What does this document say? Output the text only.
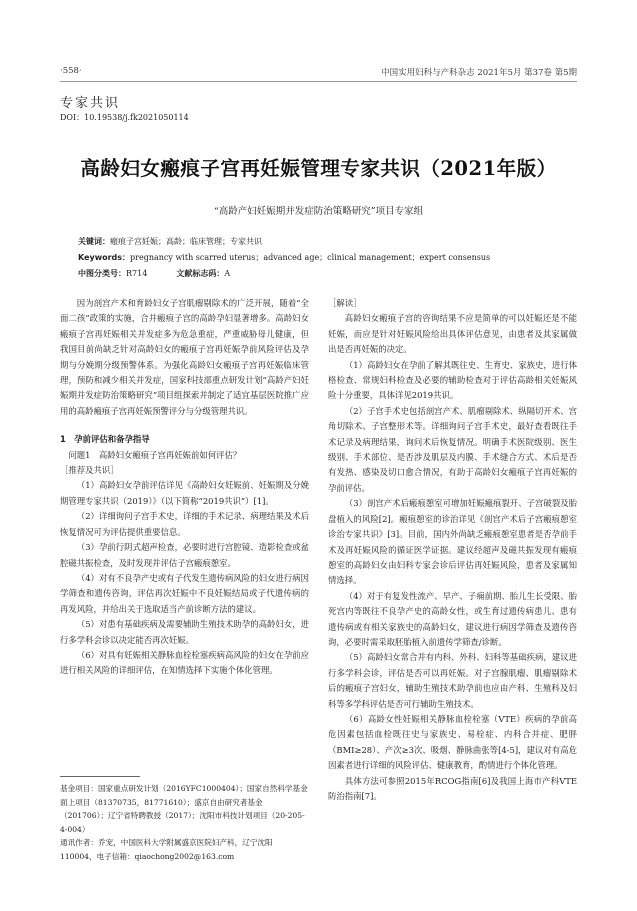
·558·	中国实用妇科与产科杂志 2021年5月 第37卷 第5期
专家共识
DOI：10.19538/j.fk2021050114
高龄妇女瘢痕子宫再妊娠管理专家共识（2021年版）
“高龄产妇妊娠期并发症防治策略研究”项目专家组
关键词：瘢痕子宫妊娠；高龄；临床管理；专家共识
Keywords：pregnancy with scarred uterus；advanced age；clinical management；expert consensus
中图分类号：R714	文献标志码：A

因为剖宫产术和育龄妇女子宫肌瘤剔除术的广泛开展，随着“全面二孩”政策的实施，合并瘢痕子宫的高龄孕妇显著增多。高龄妇女瘢痕子宫再妊娠相关并发症多为危急重症，严重威胁母儿健康，但我国目前尚缺乏针对高龄妇女的瘢痕子宫再妊娠孕前风险评估及孕期与分娩期分级预警体系。为强化高龄妇女瘢痕子宫再妊娠临床管理，预防和减少相关并发症，国家科技部重点研发计划“高龄产妇妊娠期并发症防治策略研究”项目组探索并制定了适宜基层医院推广应用的高龄瘢痕子宫再妊娠预警评分与分级管理共识。

1　孕前评估和备孕指导

问题1　高龄妇女瘢痕子宫再妊娠前如何评估？

［推荐及共识］

（1）高龄妇女孕前评估详见《高龄妇女妊娠前、妊娠期及分娩期管理专家共识（2019）》（以下简称“2019共识”）[1]。

（2）详细询问子宫手术史，详细的手术记录、病理结果及术后恢复情况可为评估提供重要信息。

（3）孕前行阴式超声检查，必要时进行宫腔镜、造影检查或盆腔磁共振检查，及时发现并评估子宫瘢痕憩室。

（4）对有不良孕产史或有子代发生遗传病风险的妇女进行病因学筛查和遗传咨询，评估再次妊娠中不良妊娠结局或子代遗传病的再发风险，并给出关于选取适当产前诊断方法的建议。

（5）对患有基础疾病及需要辅助生殖技术助孕的高龄妇女，进行多学科会诊以决定能否再次妊娠。

（6）对具有妊娠相关静脉血栓栓塞疾病高风险的妇女在孕前应进行相关风险的详细评估，在知情选择下实施个体化管理。

基金项目：国家重点研发计划（2016YFC1000404）；国家自然科学基金面上项目（81370735，81771610）；盛京自由研究者基金（201706）；辽宁省特聘教授（2017）；沈阳市科技计划项目（20-205-4-004）
通讯作者：乔宠，中国医科大学附属盛京医院妇产科，辽宁沈阳 110004，电子信箱：qiaochong2002@163.com

［解读］

高龄妇女瘢痕子宫的咨询结果不应是简单的可以妊娠还是不能妊娠，而应是针对妊娠风险给出具体评估意见，由患者及其家属做出是否再妊娠的决定。

（1）高龄妇女在孕前了解其既往史、生育史、家族史，进行体格检查、常规妇科检查及必要的辅助检查对于评估高龄相关妊娠风险十分重要，具体详见2019共识。

（2）子宫手术史包括剖宫产术、肌瘤剔除术、纵隔切开术、宫角切除术、子宫整形术等。详细询问子宫手术史，最好查看既往手术记录及病理结果，询问术后恢复情况。明确手术医院级别、医生级别、手术部位、是否涉及肌层及内膜、手术缝合方式、术后是否有发热、感染及切口愈合情况，有助于高龄妇女瘢痕子宫再妊娠的孕前评估。

（3）剖宫产术后瘢痕憩室可增加妊娠瘢痕裂开、子宫破裂及胎盘植入的风险[2]。瘢痕憩室的诊治详见《剖宫产术后子宫瘢痕憩室诊治专家共识》[3]。目前，国内外尚缺乏瘢痕憩室患者是否孕前手术及再妊娠风险的循证医学证据。建议经超声及磁共振发现有瘢痕憩室的高龄妇女由妇科专家会诊后评估再妊娠风险，患者及家属知情选择。

（4）对于有复发性流产、早产、子痫前期、胎儿生长受限、胎死宫内等既往不良孕产史的高龄女性，或生育过遗传病患儿、患有遗传病或有相关家族史的高龄妇女，建议进行病因学筛查及遗传咨询，必要时需采取胚胎植入前遗传学筛查/诊断。

（5）高龄妇女常合并有内科、外科、妇科等基础疾病，建议进行多学科会诊，评估是否可以再妊娠。对子宫腺肌瘤、肌瘤剔除术后的瘢痕子宫妇女，辅助生殖技术助孕前也应由产科、生殖科及妇科等多学科评估是否可行辅助生殖技术。

（6）高龄女性妊娠相关静脉血栓栓塞（VTE）疾病的孕前高危因素包括血栓既往史与家族史、易栓症、内科合并症、肥胖（BMI≥28）、产次≥3次、吸烟、静脉曲张等[4-5]，建议对有高危因素者进行详细的风险评估、健康教育，酌情进行个体化管理。

具体方法可参照2015年RCOG指南[6]及我国上海市产科VTE防治指南[7]。
